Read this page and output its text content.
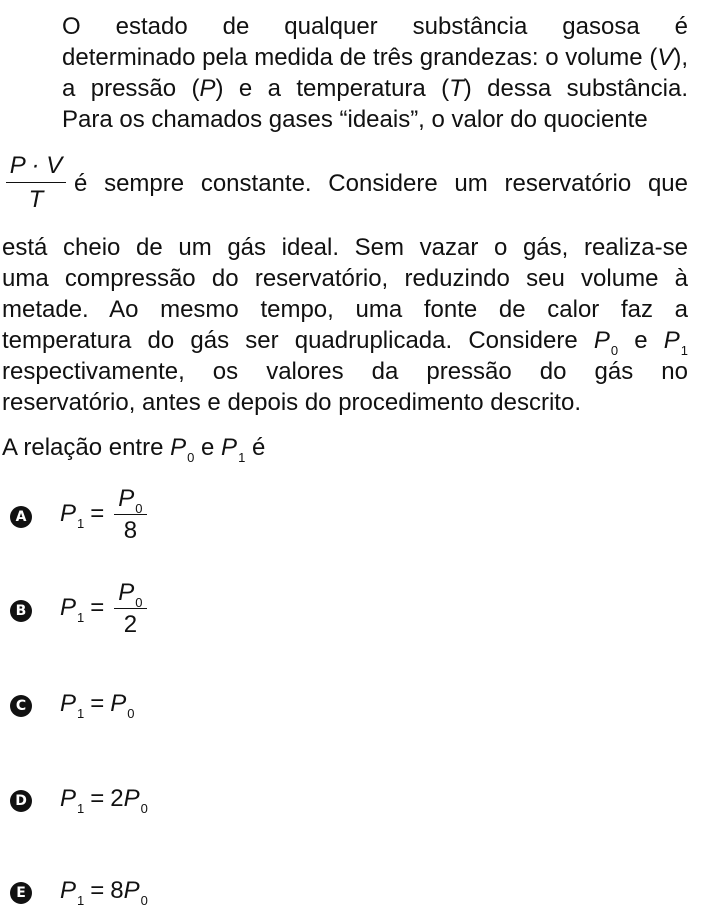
O estado de qualquer substância gasosa é
determinado pela medida de três grandezas: o volume (V),
a pressão (P) e a temperatura (T) dessa substância.
Para os chamados gases “ideais”, o valor do quociente
$\frac{P \cdot V}{T}$ é sempre constante. Considere um reservatório que
está cheio de um gás ideal. Sem vazar o gás, realiza-se
uma compressão do reservatório, reduzindo seu volume à
metade. Ao mesmo tempo, uma fonte de calor faz a
temperatura do gás ser quadruplicada. Considere $P_0$ e $P_1$
respectivamente, os valores da pressão do gás no
reservatório, antes e depois do procedimento descrito.
A relação entre $P_0$ e $P_1$ é
A $P_1 = \frac{P_0}{8}$
B $P_1 = \frac{P_0}{2}$
C $P_1 = P_0$
D $P_1 = 2P_0$
E $P_1 = 8P_0$
